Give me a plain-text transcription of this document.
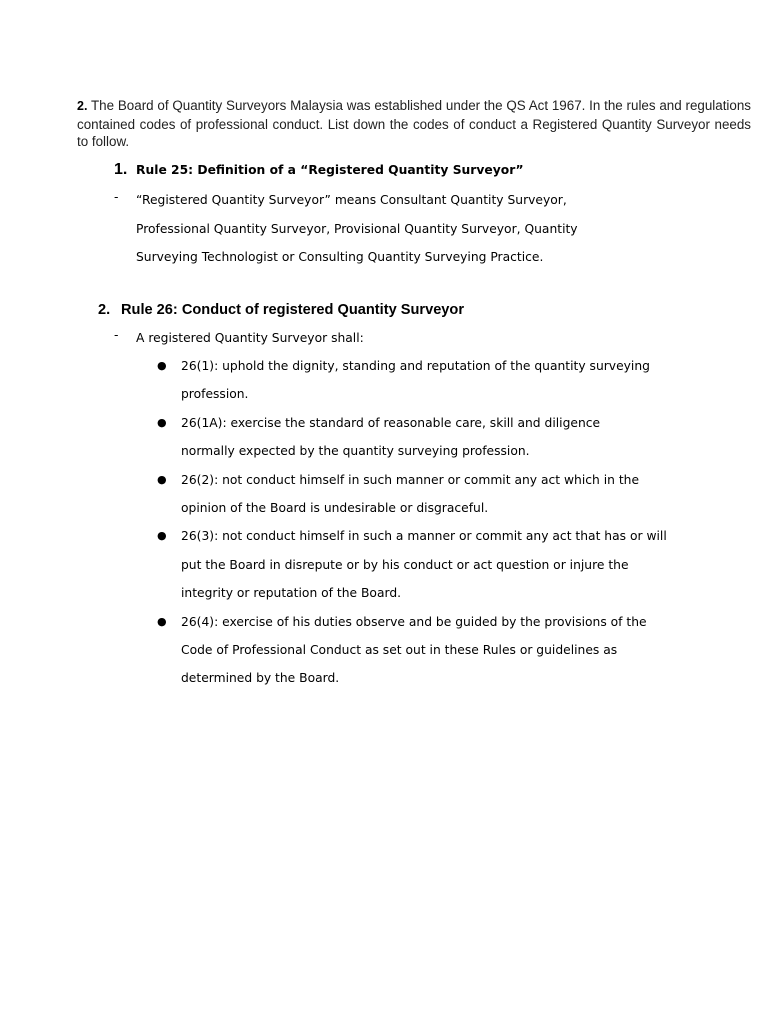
2. The Board of Quantity Surveyors Malaysia was established under the QS Act 1967. In the rules and regulations contained codes of professional conduct. List down the codes of conduct a Registered Quantity Surveyor needs to follow.
1. Rule 25: Definition of a “Registered Quantity Surveyor”
- “Registered Quantity Surveyor” means Consultant Quantity Surveyor,
Professional Quantity Surveyor, Provisional Quantity Surveyor, Quantity
Surveying Technologist or Consulting Quantity Surveying Practice.
2. Rule 26: Conduct of registered Quantity Surveyor
- A registered Quantity Surveyor shall:
● 26(1): uphold the dignity, standing and reputation of the quantity surveying
profession.
● 26(1A): exercise the standard of reasonable care, skill and diligence
normally expected by the quantity surveying profession.
● 26(2): not conduct himself in such manner or commit any act which in the
opinion of the Board is undesirable or disgraceful.
● 26(3): not conduct himself in such a manner or commit any act that has or will
put the Board in disrepute or by his conduct or act question or injure the
integrity or reputation of the Board.
● 26(4): exercise of his duties observe and be guided by the provisions of the
Code of Professional Conduct as set out in these Rules or guidelines as
determined by the Board.
